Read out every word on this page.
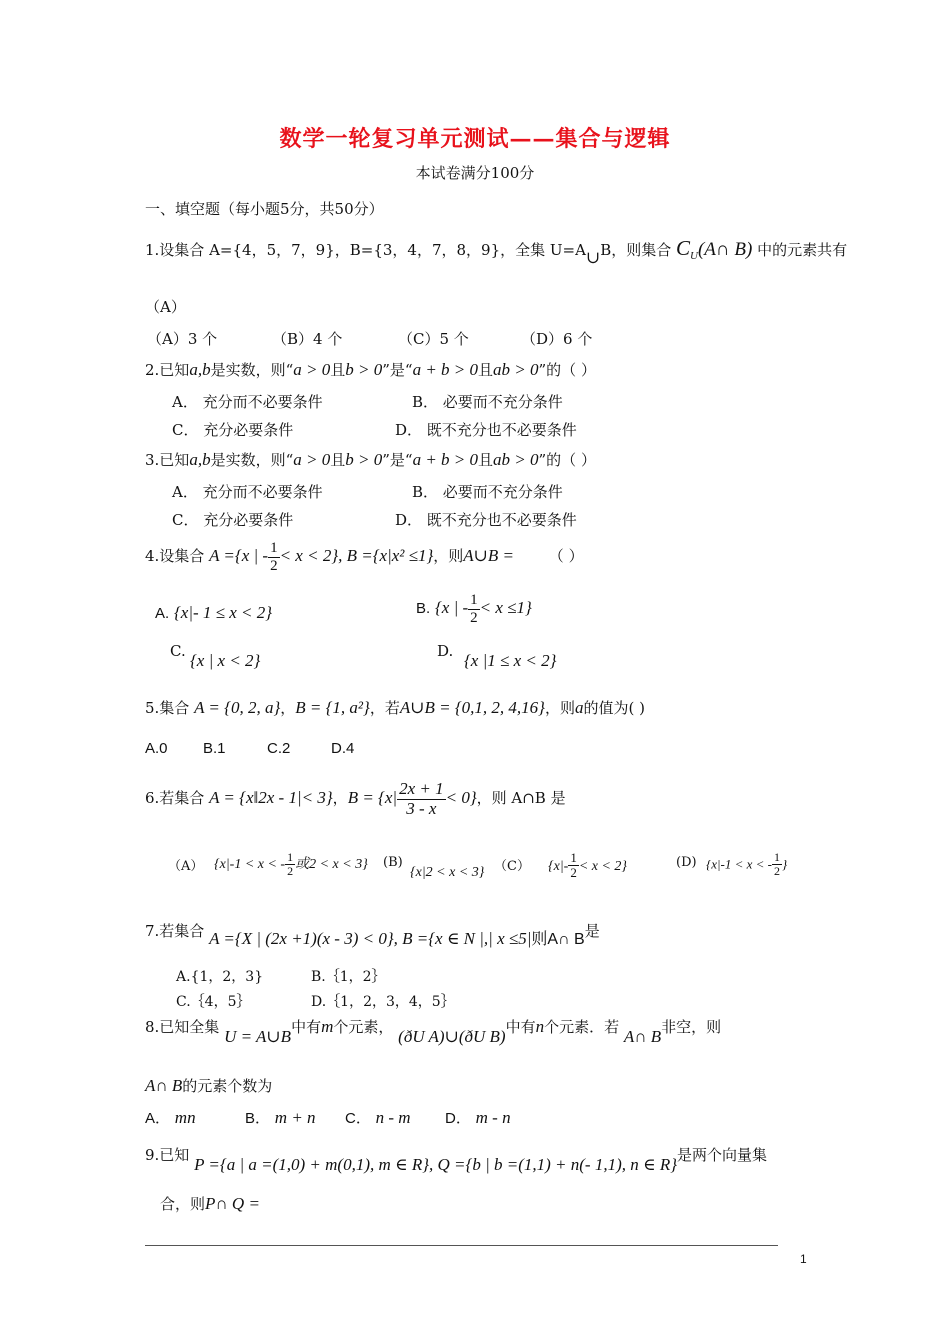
数学一轮复习单元测试——集合与逻辑
本试卷满分100分
一、填空题（每小题5分，共50分）
1.设集合 A={4，5，7，9}，B={3，4，7，8，9}，全集 U=A∪B，则集合 $C_U(A\cap$ B) 中的元素共有
（A）
（A）3 个	（B）4 个	（C）5 个	（D）6 个
2.已知a,b是实数，则“a > 0且b > 0”是“a + b > 0且ab > 0”的（ ）
A． 充分而不必要条件	B． 必要而不充分条件
C． 充分必要条件	D． 既不充分也不必要条件
3.已知a,b是实数，则“a > 0且b > 0”是“a + b > 0且ab > 0”的（ ）
A． 充分而不必要条件	B． 必要而不充分条件
C． 充分必要条件	D． 既不充分也不必要条件
4.设集合 A ={x | - $\frac{1}{2} < x < 2$}, B ={x|x² ≤1}，则A∪B = （ ）
A. {x|- 1 ≤ x < 2}	B. {x | - $\frac{1}{2} < x \le 1$}
C. {x | x < 2}	D. {x |1 ≤ x < 2}
5.集合 A = {0, 2, a}，B = {1, a²}，若A∪B = {0,1, 2, 4,16}，则a的值为( )
A.0 B.1	C.2	D.4
6.若集合 A = {x‖2x - 1|< 3}，$B = \{x| \frac{2x + 1}{3 - x} < 0\}$，则 A∩B 是
（A） {x|-1 < x < - $\frac{1}{2}$ 或2 < x < 3} (B)
{x|2 < x < 3} （C） $\{x|- \frac{1}{2} < x < 2\}$	(D) {x|-1 < x < - $\frac{1}{2}$ }
7.若集合 A ={X | (2x +1)(x - 3) < 0}, B ={x ∈ N |,| x ≤5|则A∩ B是
A.{1，2，3}	B.｛1，2｝
C.｛4，5｝	D.｛1，2，3，4，5｝
8.已知全集 U = A∪B中有m个元素， (ðU A)∪(ðU B)中有n个元素．若 A∩ B非空，则
A∩ B的元素个数为
A． mn	B． m + n C． n - m D． m - n
9.已知 P ={a | a =(1,0) + m(0,1), m ∈ R}, Q ={b | b =(1,1) + n(- 1,1), n ∈ R}是两个向量集
合，则P∩ Q =
1
